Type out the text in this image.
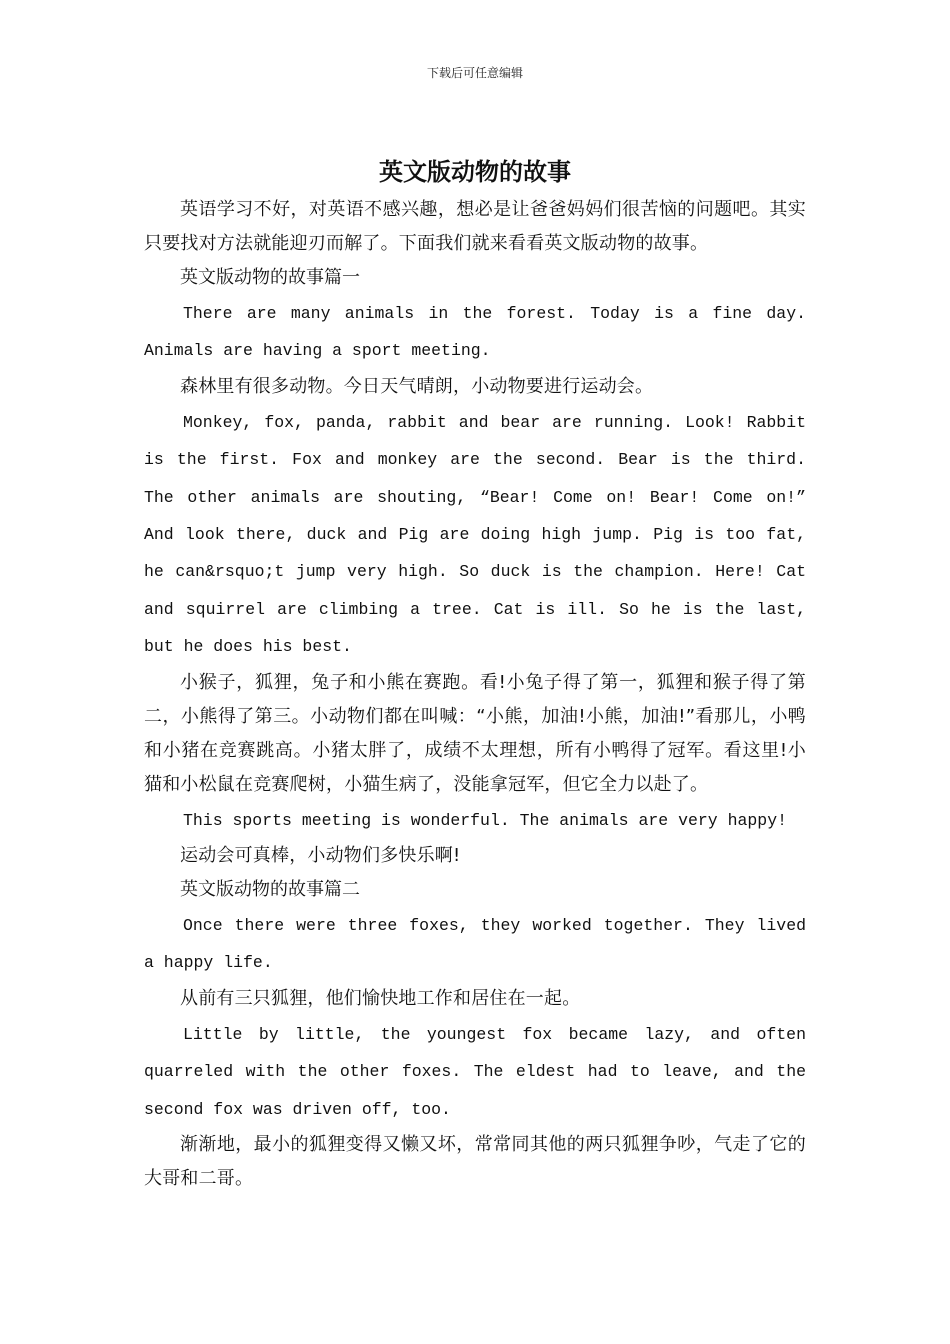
下载后可任意编辑
英文版动物的故事

英语学习不好，对英语不感兴趣，想必是让爸爸妈妈们很苦恼的问题吧。其实只要找对方法就能迎刃而解了。下面我们就来看看英文版动物的故事。

英文版动物的故事篇一

There are many animals in the forest. Today is a fine day. Animals are having a sport meeting.

森林里有很多动物。今日天气晴朗，小动物要进行运动会。

Monkey, fox, panda, rabbit and bear are running. Look! Rabbit is the first. Fox and monkey are the second. Bear is the third. The other animals are shouting, “Bear! Come on! Bear! Come on!” And look there, duck and Pig are doing high jump. Pig is too fat, he can&rsquo;t jump very high. So duck is the champion. Here! Cat and squirrel are climbing a tree. Cat is ill. So he is the last, but he does his best.

小猴子，狐狸，兔子和小熊在赛跑。看!小兔子得了第一，狐狸和猴子得了第二，小熊得了第三。小动物们都在叫喊：“小熊，加油!小熊，加油!”看那儿，小鸭和小猪在竞赛跳高。小猪太胖了，成绩不太理想，所有小鸭得了冠军。看这里!小猫和小松鼠在竞赛爬树，小猫生病了，没能拿冠军，但它全力以赴了。

This sports meeting is wonderful. The animals are very happy!

运动会可真棒，小动物们多快乐啊!

英文版动物的故事篇二

Once there were three foxes, they worked together. They lived a happy life.

从前有三只狐狸，他们愉快地工作和居住在一起。

Little by little, the youngest fox became lazy, and often quarreled with the other foxes. The eldest had to leave, and the second fox was driven off, too.

渐渐地，最小的狐狸变得又懒又坏，常常同其他的两只狐狸争吵，气走了它的大哥和二哥。
